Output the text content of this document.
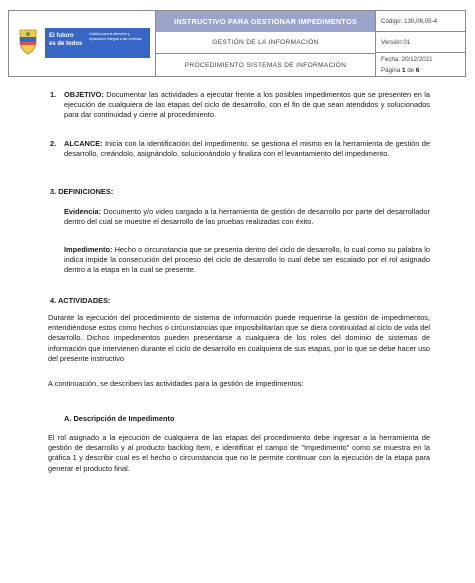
El futuro
es de todos
Unidad para la atención y reparación integral a las víctimas
INSTRUCTIVO PARA GESTIONAR IMPEDIMENTOS
GESTIÓN DE LA INFORMACIÓN
PROCEDIMIENTO SISTEMAS DE INFORMACIÓN
Código: 130,06,05-4
Versión:01
Fecha: 20/12/2021
Página 1 de 6
1. OBJETIVO: Documentar las actividades a ejecutar frente a los posibles impedimentos que se presenten en la ejecución de cualquiera de las etapas del ciclo de desarrollo, con el fin de que sean atendidos y solucionados para dar continuidad y cierre al procedimiento.
2. ALCANCE: Inicia con la identificación del impedimento, se gestiona el mismo en la herramienta de gestión de desarrollo, creándolo, asignándolo, solucionándolo y finaliza con el levantamiento del impedimento.
3. DEFINICIONES:
Evidencia: Documento y/o video cargado a la herramienta de gestión de desarrollo por parte del desarrollador dentro del cual se muestre el desarrollo de las pruebas realizadas con éxito.
Impedimento: Hecho o circunstancia que se presenta dentro del ciclo de desarrollo, lo cual como su palabra lo indica impide la consecución del proceso del ciclo de desarrollo lo cual debe ser escalado por el rol asignado dentro a la etapa en la cual se presente.
4. ACTIVIDADES:
Durante la ejecución del procedimiento de sistema de información puede requerirse la gestión de impedimentos, entendiéndose estos como hechos o circunstancias que imposibilitarían que se diera continuidad al ciclo de vida del desarrollo. Dichos impedimentos pueden presentarse a cualquiera de los roles del dominio de sistemas de información que intervienen durante el ciclo de desarrollo en cualquiera de sus etapas, por lo que se debe hacer uso del presente instructivo
A continuación, se describen las actividades para la gestión de impedimentos:
A. Descripción de Impedimento
El rol asignado a la ejecución de cualquiera de las etapas del procedimiento debe ingresar a la herramienta de gestión de desarrollo y al producto backlog ítem, e identificar el campo de "Impedimento" como se muestra en la gráfica 1 y describir cual es el hecho o circunstancia que no le permite continuar con la ejecución de la etapa para generar el producto final.
